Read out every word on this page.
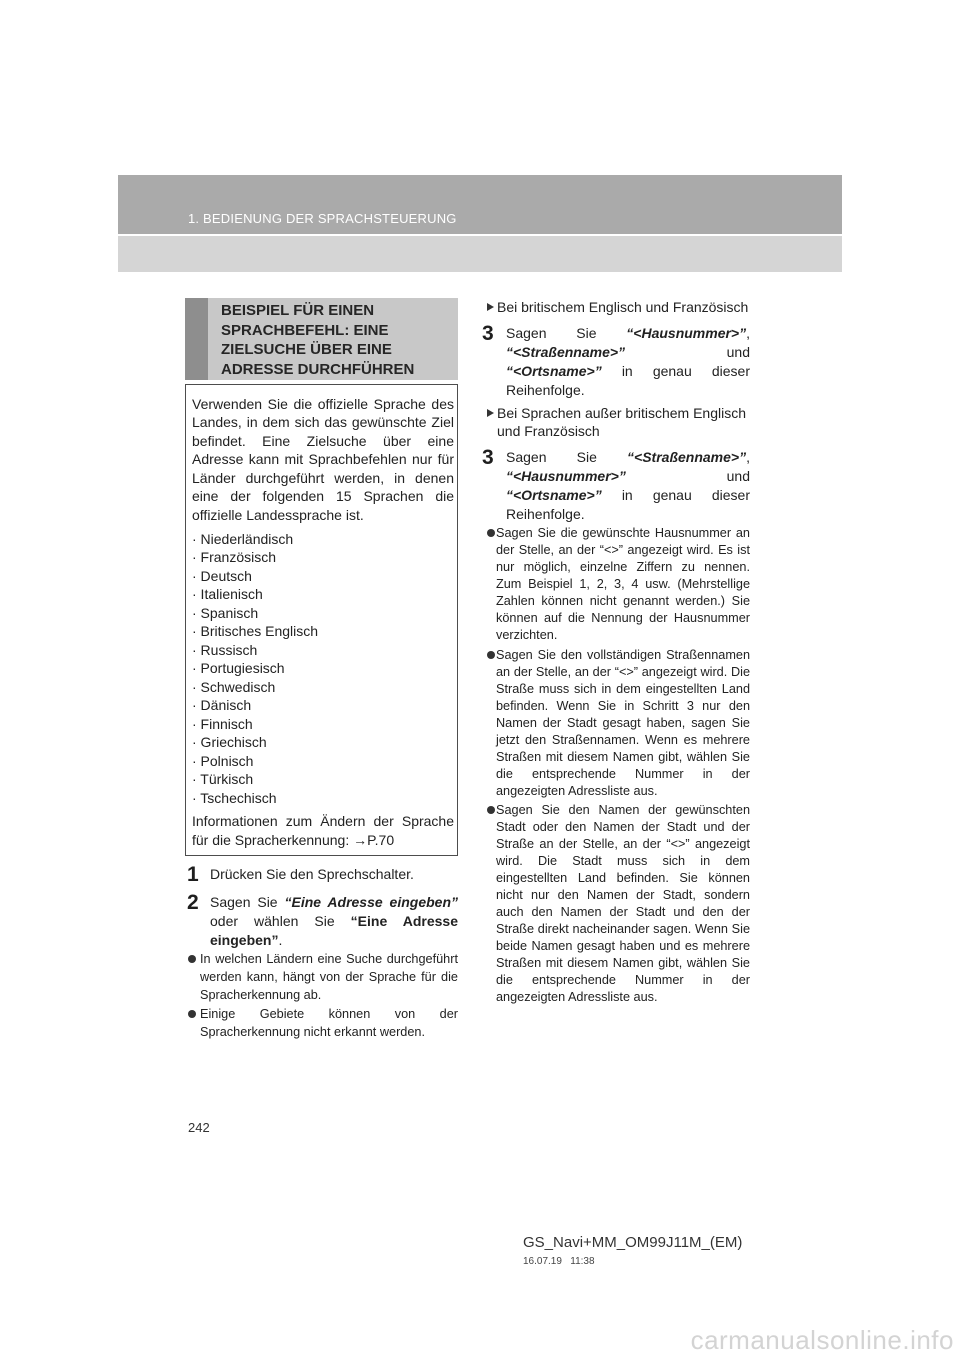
1. BEDIENUNG DER SPRACHSTEUERUNG
BEISPIEL FÜR EINEN
SPRACHBEFEHL: EINE
ZIELSUCHE ÜBER EINE
ADRESSE DURCHFÜHREN
Verwenden Sie die offizielle Sprache des Landes, in dem sich das gewünschte Ziel befindet. Eine Zielsuche über eine Adresse kann mit Sprachbefehlen nur für Länder durchgeführt werden, in denen eine der folgenden 15 Sprachen die offizielle Landessprache ist.
· Niederländisch
· Französisch
· Deutsch
· Italienisch
· Spanisch
· Britisches Englisch
· Russisch
· Portugiesisch
· Schwedisch
· Dänisch
· Finnisch
· Griechisch
· Polnisch
· Türkisch
· Tschechisch
Informationen zum Ändern der Sprache für die Spracherkennung: →P.70
1 Drücken Sie den Sprechschalter.
2 Sagen Sie “Eine Adresse eingeben” oder wählen Sie “Eine Adresse eingeben”.
In welchen Ländern eine Suche durchgeführt werden kann, hängt von der Sprache für die Spracherkennung ab.
Einige Gebiete können von der Spracherkennung nicht erkannt werden.
Bei britischem Englisch und Französisch
3 Sagen Sie “<Hausnummer>”, “<Straßenname>” und “<Ortsname>” in genau dieser Reihenfolge.
Bei Sprachen außer britischem Englisch und Französisch
3 Sagen Sie “<Straßenname>”, “<Hausnummer>” und “<Ortsname>” in genau dieser Reihenfolge.
Sagen Sie die gewünschte Hausnummer an der Stelle, an der “<>” angezeigt wird. Es ist nur möglich, einzelne Ziffern zu nennen. Zum Beispiel 1, 2, 3, 4 usw. (Mehrstellige Zahlen können nicht genannt werden.) Sie können auf die Nennung der Hausnummer verzichten.
Sagen Sie den vollständigen Straßennamen an der Stelle, an der “<>” angezeigt wird. Die Straße muss sich in dem eingestellten Land befinden. Wenn Sie in Schritt 3 nur den Namen der Stadt gesagt haben, sagen Sie jetzt den Straßennamen. Wenn es mehrere Straßen mit diesem Namen gibt, wählen Sie die entsprechende Nummer in der angezeigten Adressliste aus.
Sagen Sie den Namen der gewünschten Stadt oder den Namen der Stadt und der Straße an der Stelle, an der “<>” angezeigt wird. Die Stadt muss sich in dem eingestellten Land befinden. Sie können nicht nur den Namen der Stadt, sondern auch den Namen der Stadt und den der Straße direkt nacheinander sagen. Wenn Sie beide Namen gesagt haben und es mehrere Straßen mit diesem Namen gibt, wählen Sie die entsprechende Nummer in der angezeigten Adressliste aus.
242
GS_Navi+MM_OM99J11M_(EM)
16.07.19   11:38
carmanualsonline.info
